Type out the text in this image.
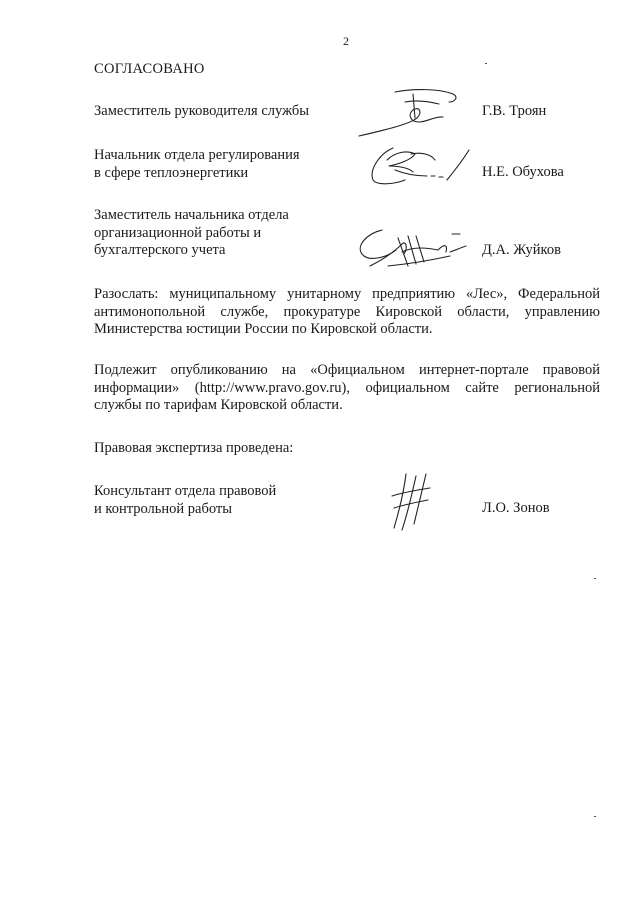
2
СОГЛАСОВАНО
Заместитель руководителя службы	Г.В. Троян
Начальник отдела регулирования
в сфере теплоэнергетики	Н.Е. Обухова
Заместитель начальника отдела
организационной работы и
бухгалтерского учета	Д.А. Жуйков
Разослать: муниципальному унитарному предприятию «Лес», Федеральной
антимонопольной службе, прокуратуре Кировской области, управлению
Министерства юстиции России по Кировской области.
Подлежит опубликованию на «Официальном интернет-портале правовой
информации» (http://www.pravo.gov.ru), официальном сайте региональной
службы по тарифам Кировской области.
Правовая экспертиза проведена:
Консультант отдела правовой
и контрольной работы	Л.О. Зонов
